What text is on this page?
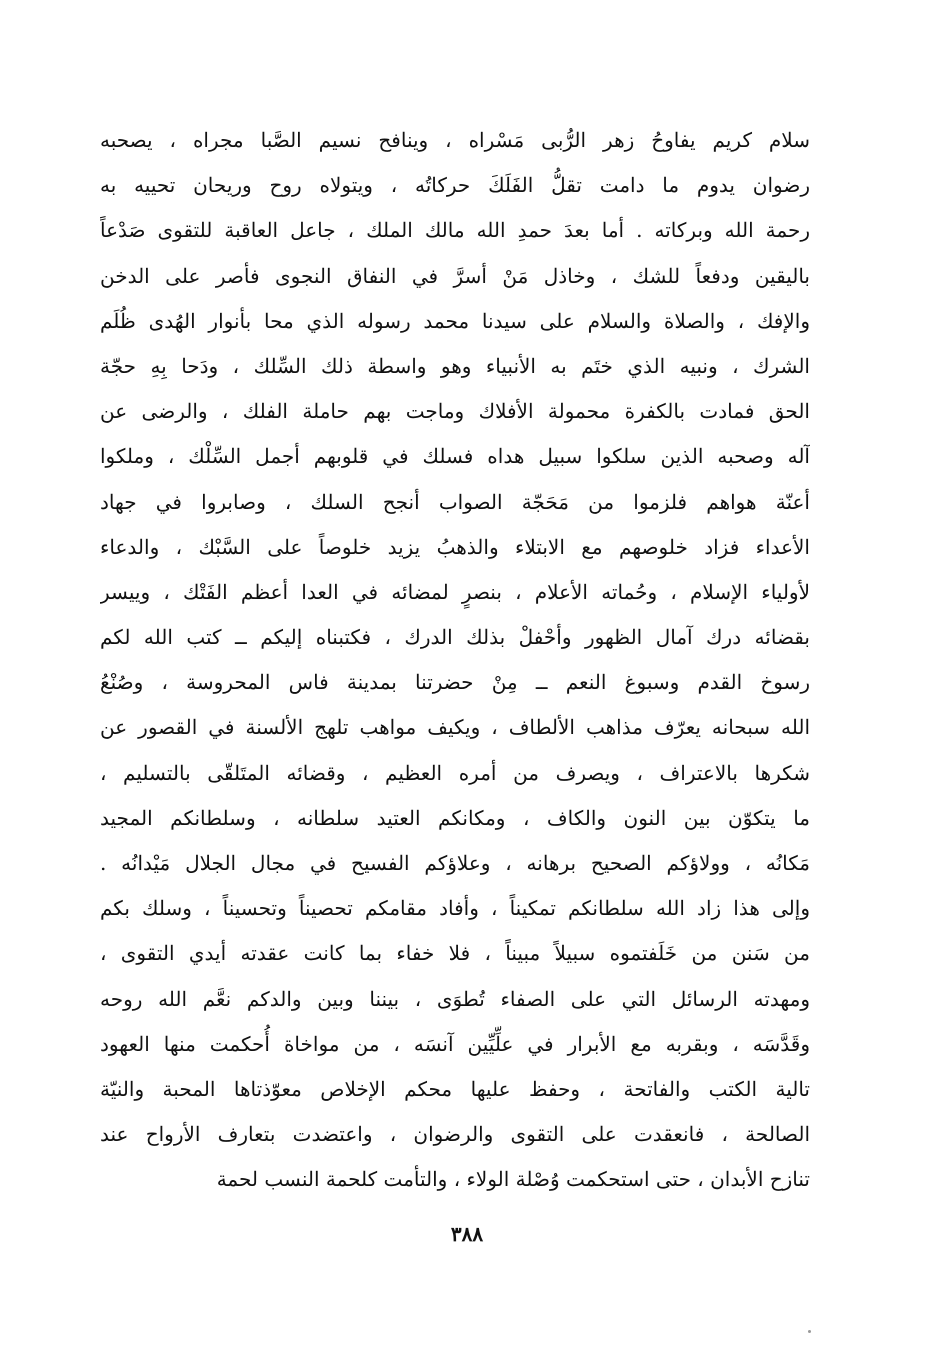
سلام كريم يفاوحُ زهر الرُّبى مَسْراه ، وينافح نسيم الصَّبا مجراه ، يصحبه
رضوان يدوم ما دامت تقلُّ الفَلَكَ حركاتُه ، ويتولاه روح وريحان تحييه به
رحمة الله وبركاته . أما بعدَ حمدِ الله مالك الملك ، جاعل العاقبة للتقوى صَدْعاً
باليقين ودفعاً للشك ، وخاذل مَنْ أسرَّ في النفاق النجوى فأصر على الدخن
والإفك ، والصلاة والسلام على سيدنا محمد رسوله الذي محا بأنوار الهُدى ظُلَم
الشرك ، ونبيه الذي ختَم به الأنبياء وهو واسطة ذلك السِّلك ، ودَحا بِهِ حجّة
الحق فمادت بالكفرة محمولة الأفلاك وماجت بهم حاملة الفلك ، والرضى عن
آله وصحبه الذين سلكوا سبيل هداه فسلك في قلوبهم أجمل السِّلْك ، وملكوا
أعنّة هواهم فلزموا من مَحَجّة الصواب أنجح السلك ، وصابروا في جهاد
الأعداء فزاد خلوصهم مع الابتلاء والذهبُ يزيد خلوصاً على السَّبْك ، والدعاء
لأولياء الإسلام ، وحُماته الأعلام ، بنصرٍ لمضائه في العدا أعظم الفَتْك ، وييسر
بقضائه درك آمال الظهور وأحْفلْ بذلك الدرك ، فكتبناه إليكم ــ كتب الله لكم
رسوخ القدم وسبوغ النعم ــ مِنْ حضرتنا بمدينة فاس المحروسة ، وصُنْعُ
الله سبحانه يعرّف مذاهب الألطاف ، ويكيف مواهب تلهج الألسنة في القصور عن
شكرها بالاعتراف ، ويصرف من أمره العظيم ، وقضائه المتَلقّى بالتسليم ،
ما يتكوّن بين النون والكاف ، ومكانكم العتيد سلطانه ، وسلطانكم المجيد
مَكانُه ، وولاؤكم الصحيح برهانه ، وعلاؤكم الفسيح في مجال الجلال مَيْدانُه .
وإلى هذا زاد الله سلطانكم تمكيناً ، وأفاد مقامكم تحصيناً وتحسيناً ، وسلك بكم
من سَنن من خَلَفتموه سبيلاً مبيناً ، فلا خفاء بما كانت عقدته أيدي التقوى ،
ومهدته الرسائل التي على الصفاء تُطوَى ، بيننا وبين والدكم نعَّم الله روحه
وقَدَّسَه ، وبقربه مع الأبرار في علِّيِّين آنسَه ، من مواخاة أُحكمت منها العهود
تالية الكتب والفاتحة ، وحفظ عليها محكم الإخلاص معوّذتاها المحبة والنيّة
الصالحة ، فانعقدت على التقوى والرضوان ، واعتضدت بتعارف الأرواح عند
تنازح الأبدان ، حتى استحكمت وُصْلة الولاء ، والتأمت كلحمة النسب لحمة
٣٨٨
